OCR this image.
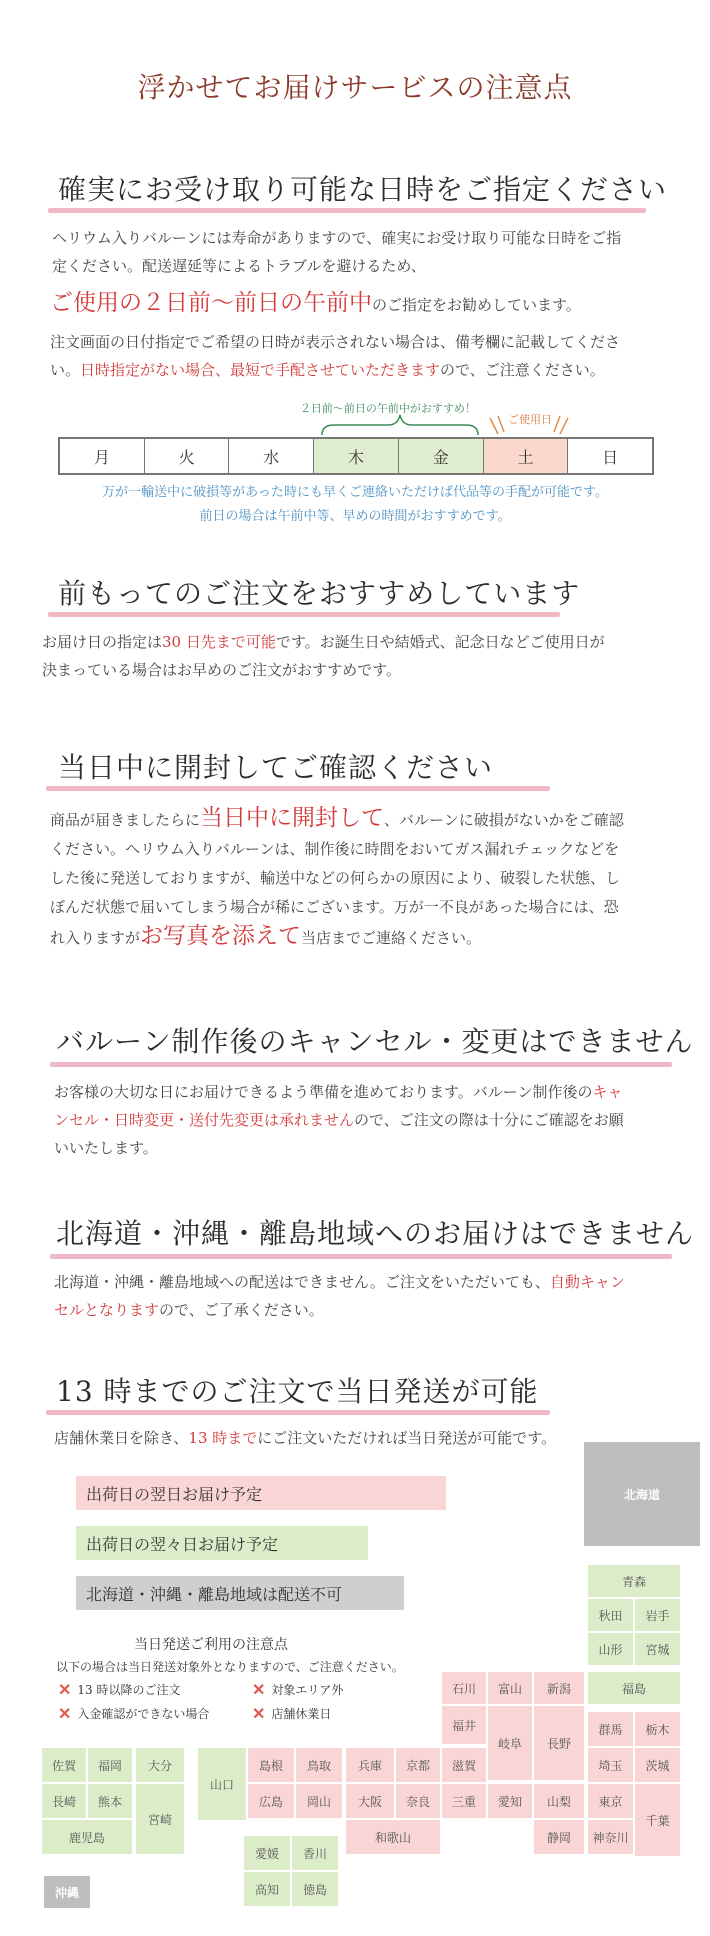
浮かせてお届けサービスの注意点
確実にお受け取り可能な日時をご指定ください
ヘリウム入りバルーンには寿命がありますので、確実にお受け取り可能な日時をご指
定ください。配送遅延等によるトラブルを避けるため、
ご使用の２日前〜前日の午前中のご指定をお勧めしています。
注文画面の日付指定でご希望の日時が表示されない場合は、備考欄に記載してくださ
い。日時指定がない場合、最短で手配させていただきますので、ご注意ください。
２日前〜前日の午前中がおすすめ！
ご使用日
月	火	水	木	金	土	日
万が一輸送中に破損等があった時にも早くご連絡いただけば代品等の手配が可能です。
前日の場合は午前中等、早めの時間がおすすめです。
前もってのご注文をおすすめしています
お届け日の指定は30 日先まで可能です。お誕生日や結婚式、記念日などご使用日が
決まっている場合はお早めのご注文がおすすめです。
当日中に開封してご確認ください
商品が届きましたらに当日中に開封して、バルーンに破損がないかをご確認
ください。ヘリウム入りバルーンは、制作後に時間をおいてガス漏れチェックなどを
した後に発送しておりますが、輸送中などの何らかの原因により、破裂した状態、し
ぼんだ状態で届いてしまう場合が稀にございます。万が一不良があった場合には、恐
れ入りますがお写真を添えて当店までご連絡ください。
バルーン制作後のキャンセル・変更はできません
お客様の大切な日にお届けできるよう準備を進めております。バルーン制作後のキャ
ンセル・日時変更・送付先変更は承れませんので、ご注文の際は十分にご確認をお願
いいたします。
北海道・沖縄・離島地域へのお届けはできません
北海道・沖縄・離島地域への配送はできません。ご注文をいただいても、自動キャン
セルとなりますので、ご了承ください。
13 時までのご注文で当日発送が可能
店舗休業日を除き、13 時までにご注文いただければ当日発送が可能です。
出荷日の翌日お届け予定
出荷日の翌々日お届け予定
北海道・沖縄・離島地域は配送不可
当日発送ご利用の注意点
以下の場合は当日発送対象外となりますので、ご注意ください。
✕ 13 時以降のご注文	✕ 対象エリア外
✕ 入金確認ができない場合	✕ 店舗休業日
北海道
青森
秋田	岩手
山形	宮城
石川	富山	新潟	福島
福井
岐阜	長野
群馬	栃木
佐賀	福岡	大分
山口
島根	鳥取	兵庫	京都	滋賀	埼玉	茨城
長崎	熊本
宮崎
広島	岡山	大阪	奈良	三重	愛知	山梨	東京
千葉
鹿児島	和歌山	静岡	神奈川
愛媛	香川
高知	徳島
沖縄
